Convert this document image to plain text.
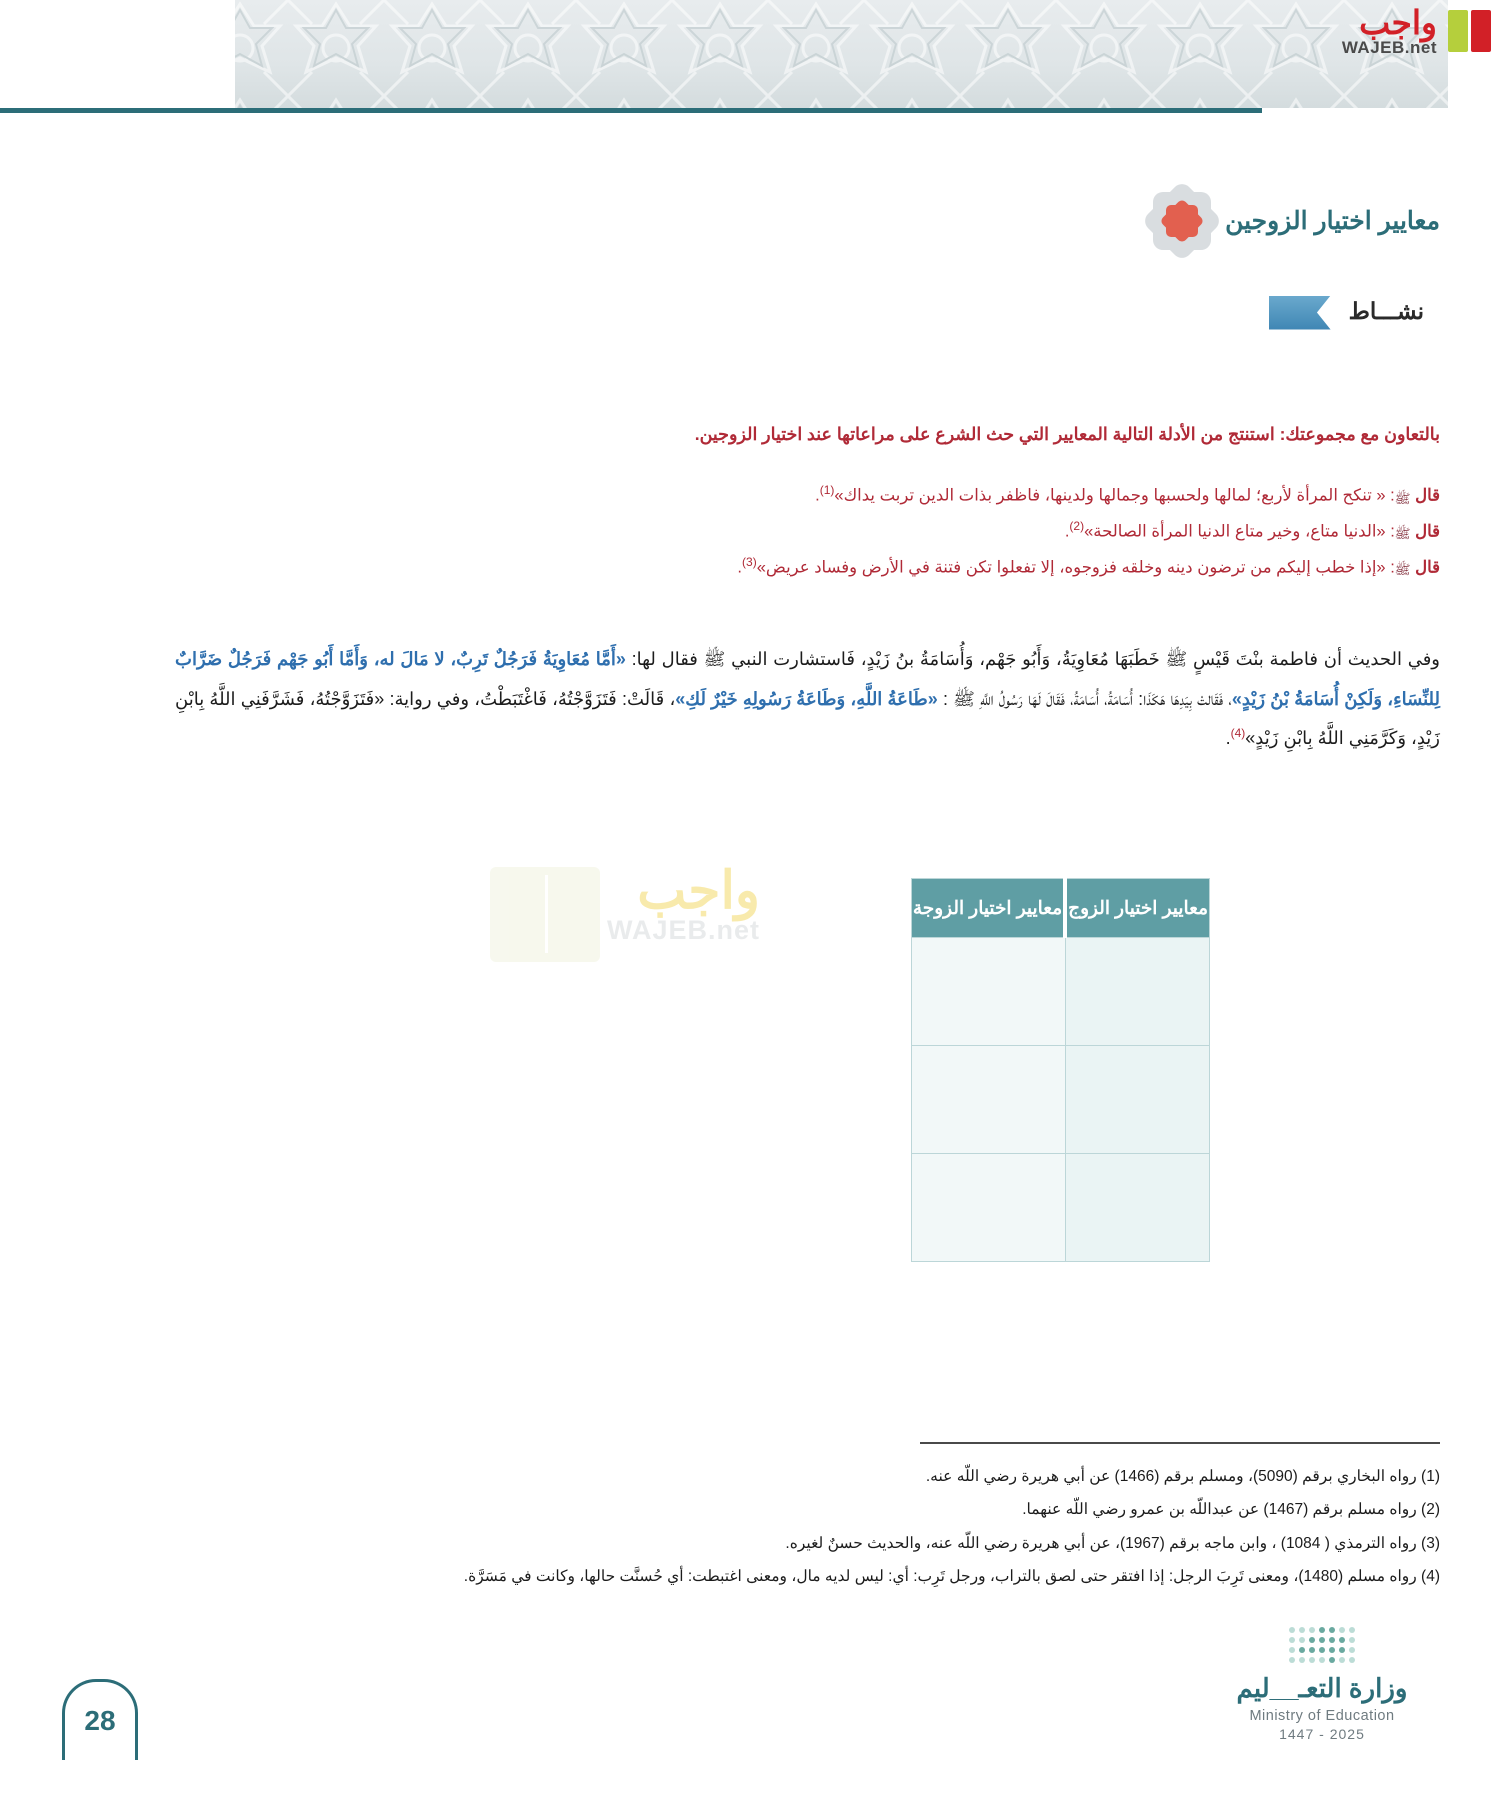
واجب
WAJEB.net
معايير اختيار الزوجين
نشـــاط
بالتعاون مع مجموعتك: استنتج من الأدلة التالية المعايير التي حث الشرع على مراعاتها عند اختيار الزوجين.
قال ﷺ: « تنكح المرأة لأربع؛ لمالها ولحسبها وجمالها ولدينها، فاظفر بذات الدين تربت يداك»$^{(1)}$.
قال ﷺ: «الدنيا متاع، وخير متاع الدنيا المرأة الصالحة»$^{(2)}$.
قال ﷺ: «إذا خطب إليكم من ترضون دينه وخلقه فزوجوه، إلا تفعلوا تكن فتنة في الأرض وفساد عريض»$^{(3)}$.
وفي الحديث أن فاطمة بنْتَ قَيْسٍ ﷺ خَطَبَهَا مُعَاوِيَةُ، وَأَبُو جَهْم، وَأُسَامَةُ بنُ زَيْدٍ، فَاستشارت النبي ﷺ فقال لها: «أَمَّا مُعَاوِيَةُ فَرَجُلٌ تَرِبٌ، لا مَالَ له، وَأَمَّا أَبُو جَهْم فَرَجُلٌ ضَرَّابٌ لِلنِّسَاءِ، وَلَكِنْ أُسَامَةُ بْنُ زَيْدٍ»، فَقَالتْ بِيَدِهَا هَكَذَا: أُسَامَةُ، أُسَامَةُ، فَقَالَ لَهَا رَسُولُ اللَّهِ ﷺ : «طَاعَةُ اللَّهِ، وَطَاعَةُ رَسُولِهِ خَيْرٌ لَكِ»، قَالَتْ: فَتَزَوَّجْتُهُ، فَاغْتَبَطْتُ، وفي رواية: «فَتَزَوَّجْتُهُ، فَشَرَّفَنِي اللَّهُ بِابْنِ زَيْدٍ، وَكَرَّمَنِي اللَّهُ بِابْنِ زَيْدٍ»$^{(4)}$.
واجب
WAJEB.net
معايير اختيار الزوج	معايير اختيار الزوجة

(1) رواه البخاري برقم (5090)، ومسلم برقم (1466) عن أبي هريرة رضي اللّه عنه.
(2) رواه مسلم برقم (1467) عن عبداللّه بن عمرو رضي اللّه عنهما.
(3) رواه الترمذي ( 1084) ، وابن ماجه برقم (1967)، عن أبي هريرة رضي اللّه عنه، والحديث حسنٌ لغيره.
(4) رواه مسلم (1480)، ومعنى تَرِبَ الرجل: إذا افتقر حتى لصق بالتراب، ورجل تَرِب: أي: ليس لديه مال، ومعنى اغتبطت: أي حُسنَّت حالها، وكانت في مَسَرَّة.
وزارة التعـ__ليم
Ministry of Education
2025 - 1447
28
